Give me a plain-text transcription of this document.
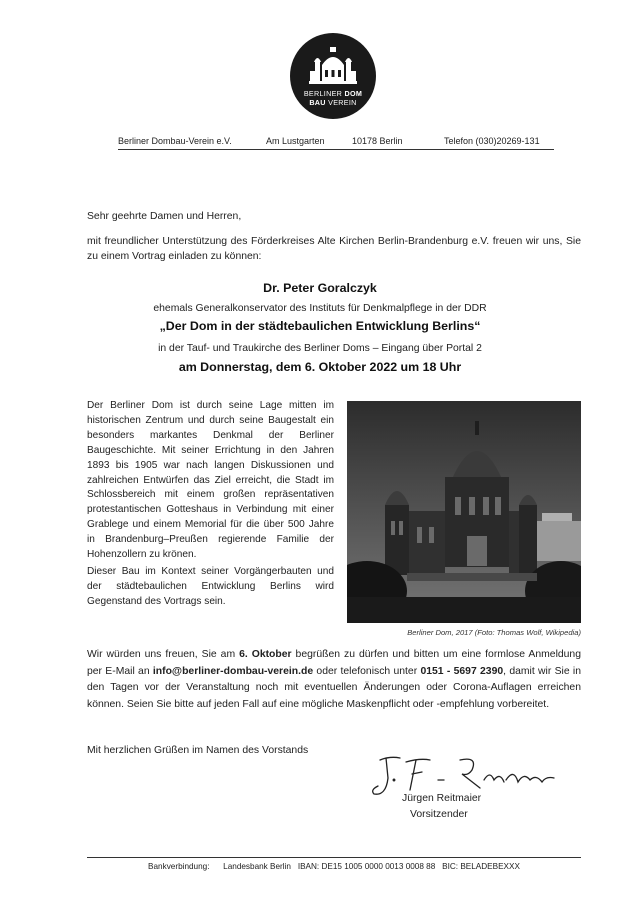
BERLINER DOM
BAU VEREIN
Berliner Dombau-Verein e.V.	Am Lustgarten	10178 Berlin	Telefon (030)20269-131
Sehr geehrte Damen und Herren,
mit freundlicher Unterstützung des Förderkreises Alte Kirchen Berlin-Brandenburg e.V. freuen wir uns, Sie zu einem Vortrag einladen zu können:
Dr. Peter Goralczyk
ehemals Generalkonservator des Instituts für Denkmalpflege in der DDR
„Der Dom in der städtebaulichen Entwicklung Berlins“
in der Tauf- und Traukirche des Berliner Doms – Eingang über Portal 2
am Donnerstag, dem 6. Oktober 2022 um 18 Uhr
Der Berliner Dom ist durch seine Lage mitten im historischen Zentrum und durch seine Baugestalt ein besonders markantes Denkmal der Berliner Baugeschichte. Mit seiner Errichtung in den Jahren 1893 bis 1905 war nach langen Diskussionen und zahlreichen Entwürfen das Ziel erreicht, die Stadt im Schlossbereich mit einem großen repräsentativen protestantischen Gotteshaus in Verbindung mit einer Grablege und einem Memorial für die über 500 Jahre in Brandenburg–Preußen regierende Familie der Hohenzollern zu krönen.
Dieser Bau im Kontext seiner Vorgängerbauten und der städtebaulichen Entwicklung Berlins wird Gegenstand des Vortrags sein.
Berliner Dom, 2017 (Foto: Thomas Wolf, Wikipedia)
Wir würden uns freuen, Sie am 6. Oktober begrüßen zu dürfen und bitten um eine formlose Anmeldung per E-Mail an info@berliner-dombau-verein.de oder telefonisch unter 0151 - 5697 2390, damit wir Sie in den Tagen vor der Veranstaltung noch mit eventuellen Änderungen oder Corona-Auflagen erreichen können. Seien Sie bitte auf jeden Fall auf eine mögliche Maskenpflicht oder -empfehlung vorbereitet.
Mit herzlichen Grüßen im Namen des Vorstands
Jürgen Reitmaier
Vorsitzender
Bankverbindung: Landesbank Berlin IBAN: DE15 1005 0000 0013 0008 88 BIC: BELADEBEXXX
